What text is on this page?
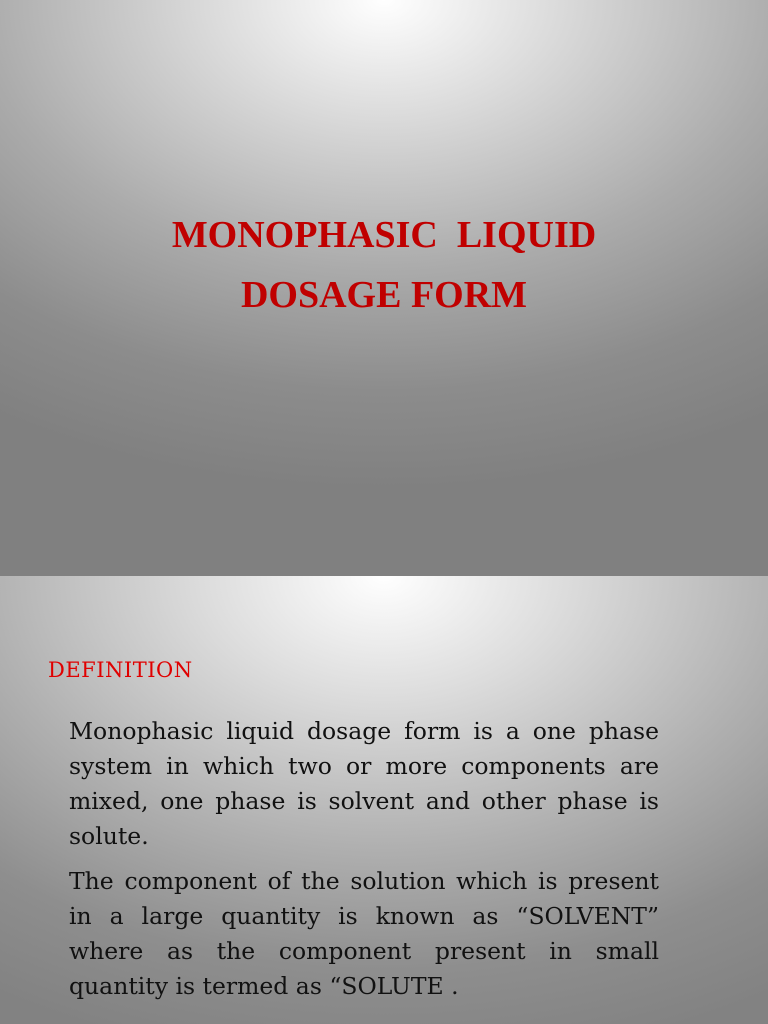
MONOPHASIC  LIQUID
DOSAGE FORM
DEFINITION

Monophasic liquid dosage form is a one phase system in which two or more components are mixed, one phase is solvent and other phase is solute.

The component of the solution which is present in a large quantity is known as “SOLVENT” where as the component present in small quantity is termed as “SOLUTE .
